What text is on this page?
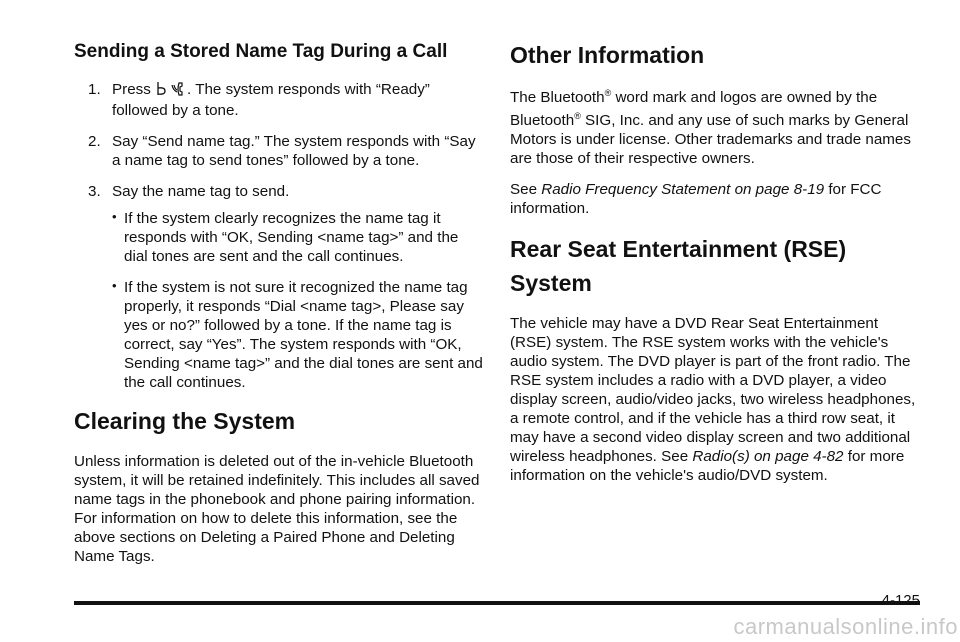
Sending a Stored Name Tag During a Call
1. Press . The system responds with “Ready” followed by a tone.
2. Say “Send name tag.” The system responds with “Say a name tag to send tones” followed by a tone.
3. Say the name tag to send.
• If the system clearly recognizes the name tag it responds with “OK, Sending <name tag>” and the dial tones are sent and the call continues.
• If the system is not sure it recognized the name tag properly, it responds “Dial <name tag>, Please say yes or no?” followed by a tone. If the name tag is correct, say “Yes”. The system responds with “OK, Sending <name tag>” and the dial tones are sent and the call continues.
Clearing the System

Unless information is deleted out of the in-vehicle Bluetooth system, it will be retained indefinitely. This includes all saved name tags in the phonebook and phone pairing information. For information on how to delete this information, see the above sections on Deleting a Paired Phone and Deleting Name Tags.

Other Information

The Bluetooth® word mark and logos are owned by the Bluetooth® SIG, Inc. and any use of such marks by General Motors is under license. Other trademarks and trade names are those of their respective owners.

See Radio Frequency Statement on page 8-19 for FCC information.

Rear Seat Entertainment (RSE) System

The vehicle may have a DVD Rear Seat Entertainment (RSE) system. The RSE system works with the vehicle's audio system. The DVD player is part of the front radio. The RSE system includes a radio with a DVD player, a video display screen, audio/video jacks, two wireless headphones, a remote control, and if the vehicle has a third row seat, it may have a second video display screen and two additional wireless headphones. See Radio(s) on page 4-82 for more information on the vehicle's audio/DVD system.

4-125
carmanualsonline.info
